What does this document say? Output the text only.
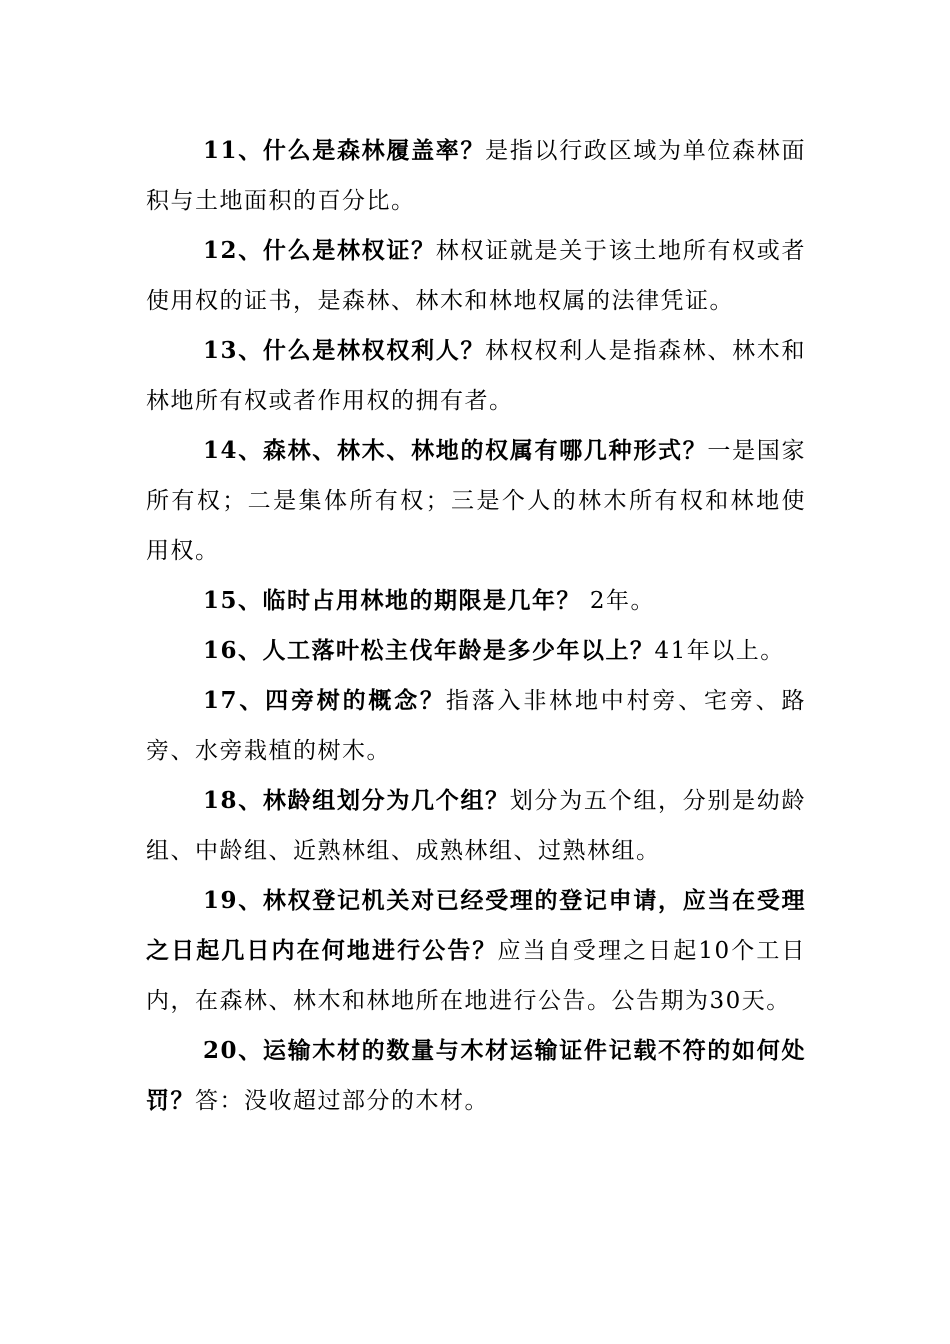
11、什么是森林履盖率？是指以行政区域为单位森林面积与土地面积的百分比。

12、什么是林权证？林权证就是关于该土地所有权或者使用权的证书，是森林、林木和林地权属的法律凭证。

13、什么是林权权利人？林权权利人是指森林、林木和林地所有权或者作用权的拥有者。

14、森林、林木、林地的权属有哪几种形式？一是国家所有权；二是集体所有权；三是个人的林木所有权和林地使用权。

15、临时占用林地的期限是几年？ 2年。

16、人工落叶松主伐年龄是多少年以上？41年以上。

17、四旁树的概念？指落入非林地中村旁、宅旁、路旁、水旁栽植的树木。

18、林龄组划分为几个组？划分为五个组，分别是幼龄组、中龄组、近熟林组、成熟林组、过熟林组。

19、林权登记机关对已经受理的登记申请，应当在受理之日起几日内在何地进行公告？应当自受理之日起10个工日内，在森林、林木和林地所在地进行公告。公告期为30天。

20、运输木材的数量与木材运输证件记载不符的如何处罚？答：没收超过部分的木材。
